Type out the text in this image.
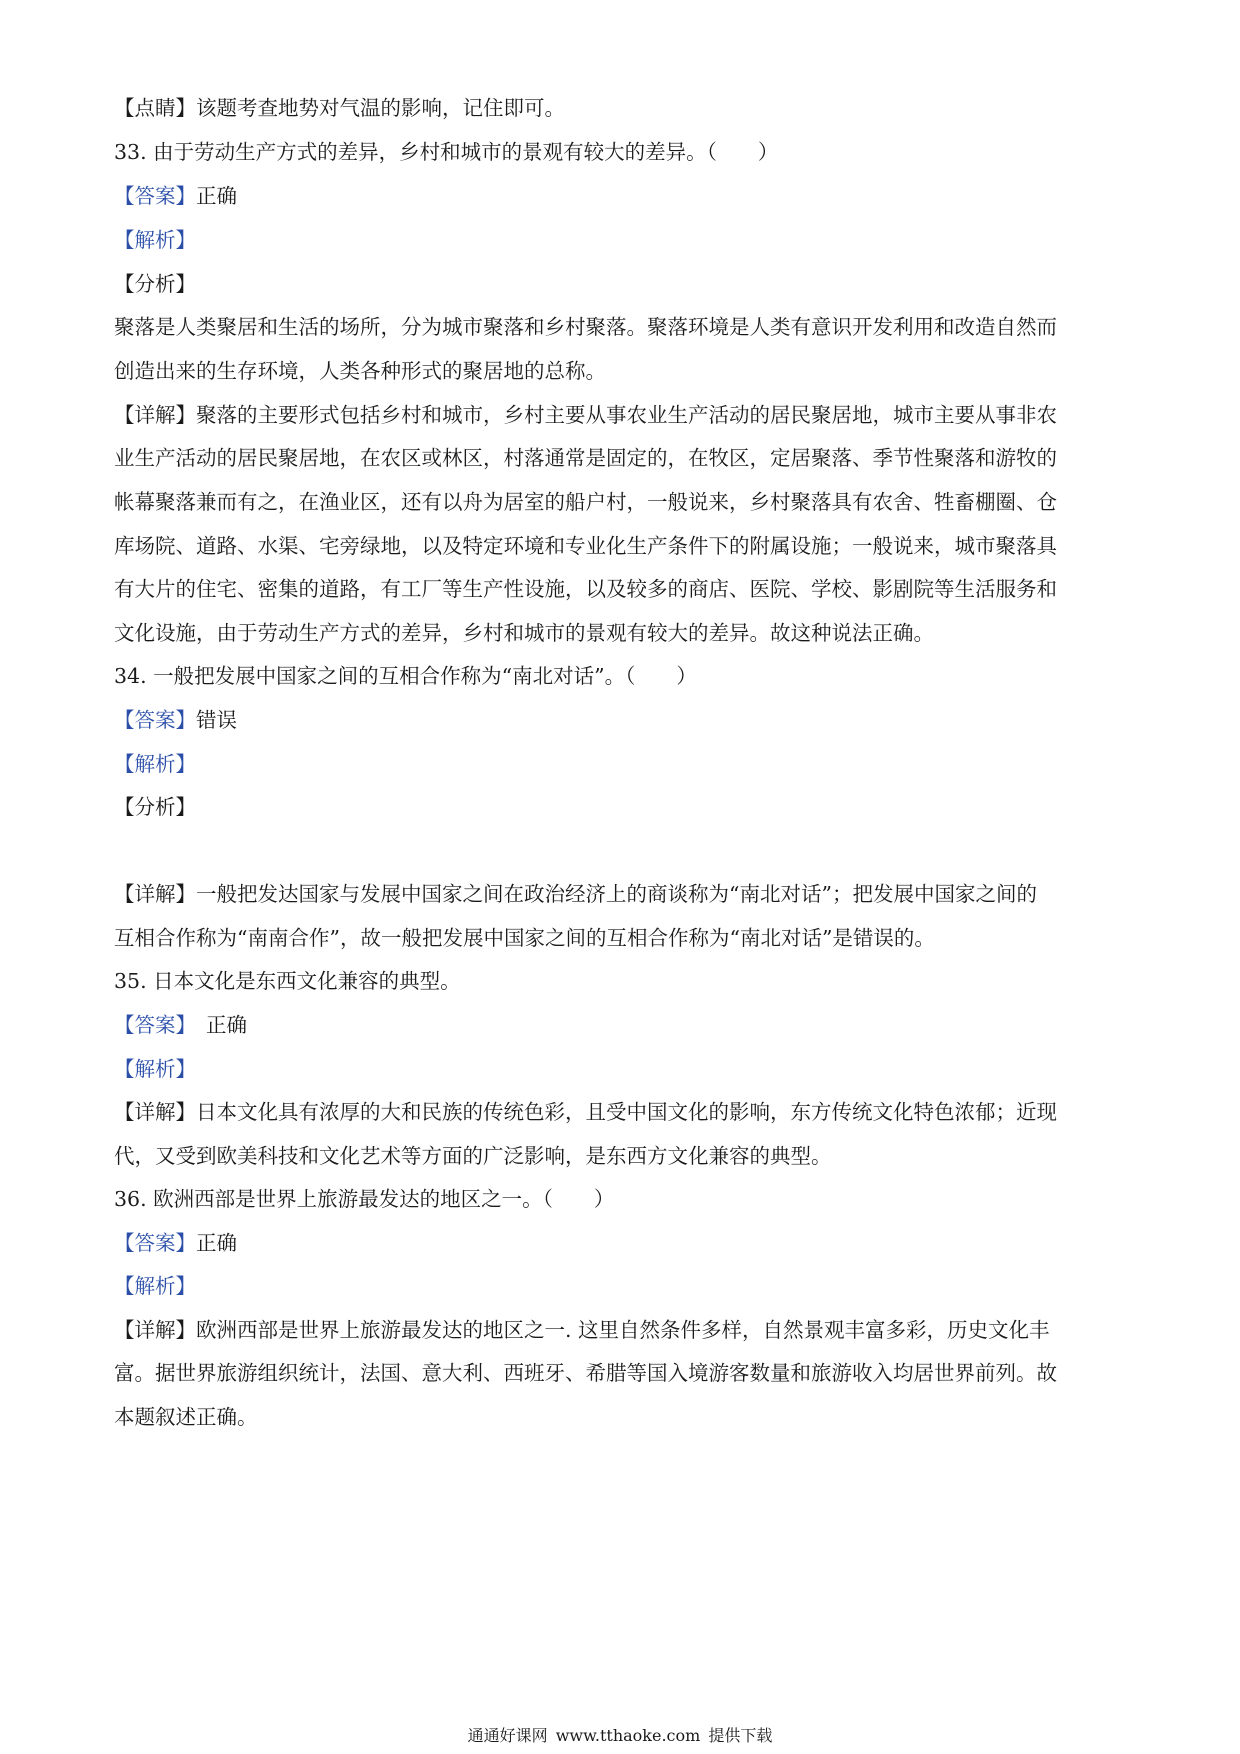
【点睛】该题考查地势对气温的影响，记住即可。
33. 由于劳动生产方式的差异，乡村和城市的景观有较大的差异。（　　）
【答案】正确
【解析】
【分析】
聚落是人类聚居和生活的场所，分为城市聚落和乡村聚落。聚落环境是人类有意识开发利用和改造自然而
创造出来的生存环境，人类各种形式的聚居地的总称。
【详解】聚落的主要形式包括乡村和城市，乡村主要从事农业生产活动的居民聚居地，城市主要从事非农
业生产活动的居民聚居地，在农区或林区，村落通常是固定的，在牧区，定居聚落、季节性聚落和游牧的
帐幕聚落兼而有之，在渔业区，还有以舟为居室的船户村，一般说来，乡村聚落具有农舍、牲畜棚圈、仓
库场院、道路、水渠、宅旁绿地，以及特定环境和专业化生产条件下的附属设施；一般说来，城市聚落具
有大片的住宅、密集的道路，有工厂等生产性设施，以及较多的商店、医院、学校、影剧院等生活服务和
文化设施，由于劳动生产方式的差异，乡村和城市的景观有较大的差异。故这种说法正确。
34. 一般把发展中国家之间的互相合作称为“南北对话”。（　　）
【答案】错误
【解析】
【分析】
【详解】一般把发达国家与发展中国家之间在政治经济上的商谈称为“南北对话”；把发展中国家之间的
互相合作称为“南南合作”，故一般把发展中国家之间的互相合作称为“南北对话”是错误的。
35. 日本文化是东西文化兼容的典型。
【答案】 正确
【解析】
【详解】日本文化具有浓厚的大和民族的传统色彩，且受中国文化的影响，东方传统文化特色浓郁；近现
代，又受到欧美科技和文化艺术等方面的广泛影响，是东西方文化兼容的典型。
36. 欧洲西部是世界上旅游最发达的地区之一。（　　）
【答案】正确
【解析】
【详解】欧洲西部是世界上旅游最发达的地区之一. 这里自然条件多样，自然景观丰富多彩，历史文化丰
富。据世界旅游组织统计，法国、意大利、西班牙、希腊等国入境游客数量和旅游收入均居世界前列。故
本题叙述正确。
通通好课网 www.tthaoke.com 提供下载
